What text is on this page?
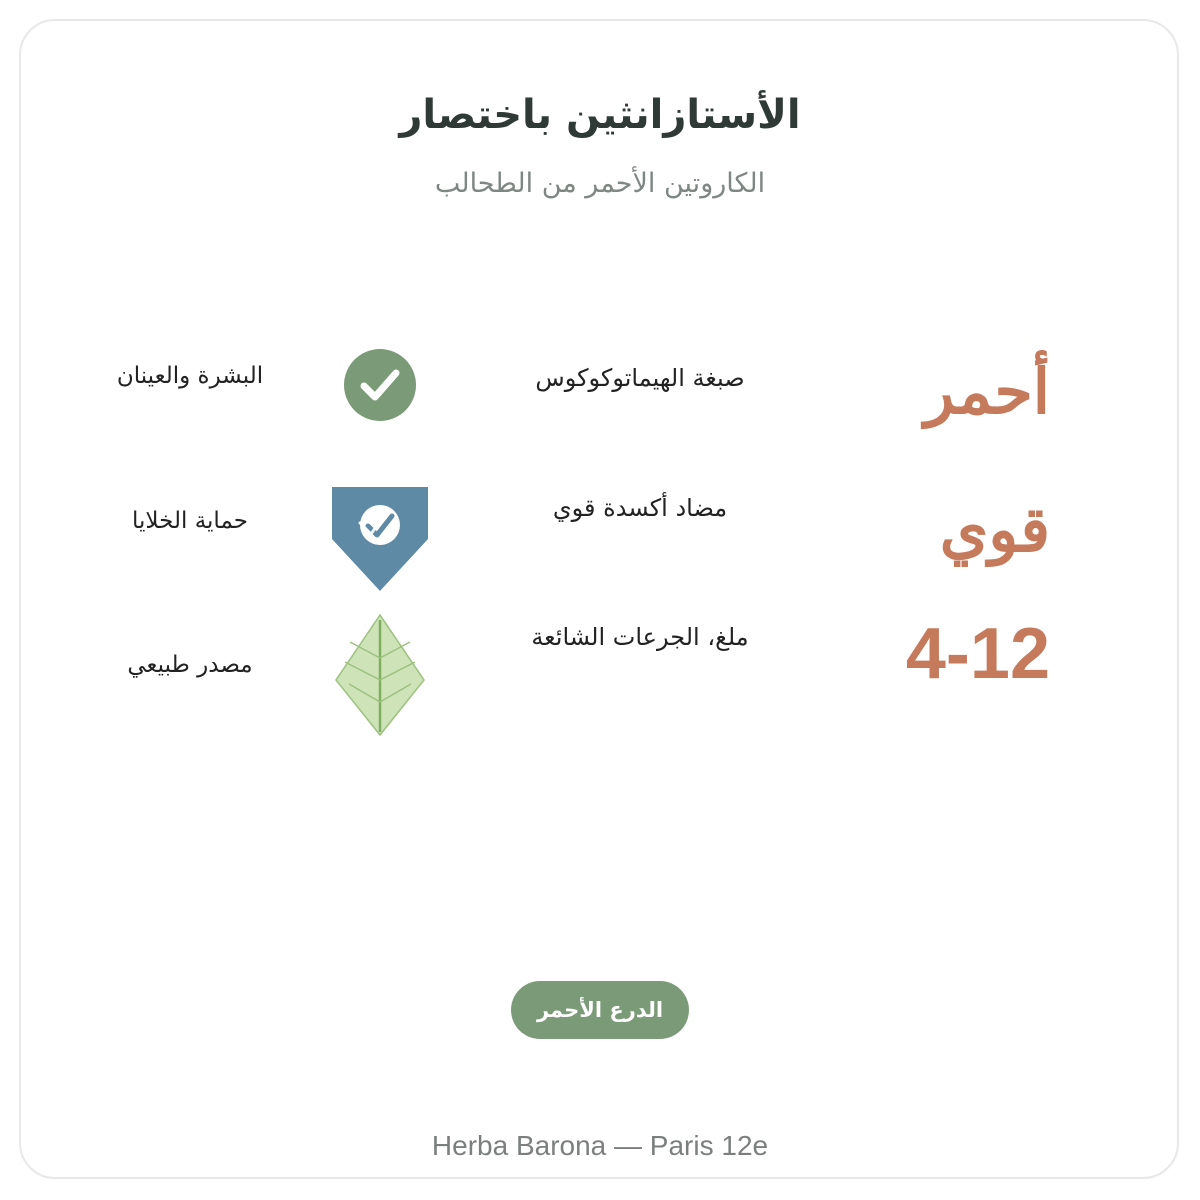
الأستازانثين باختصار
الكاروتين الأحمر من الطحالب
أحمر
صبغة الهيماتوكوكوس
البشرة والعينان
قوي
مضاد أكسدة قوي
حماية الخلايا
4-12
ملغ، الجرعات الشائعة
مصدر طبيعي
الدرع الأحمر
Herba Barona — Paris 12e
